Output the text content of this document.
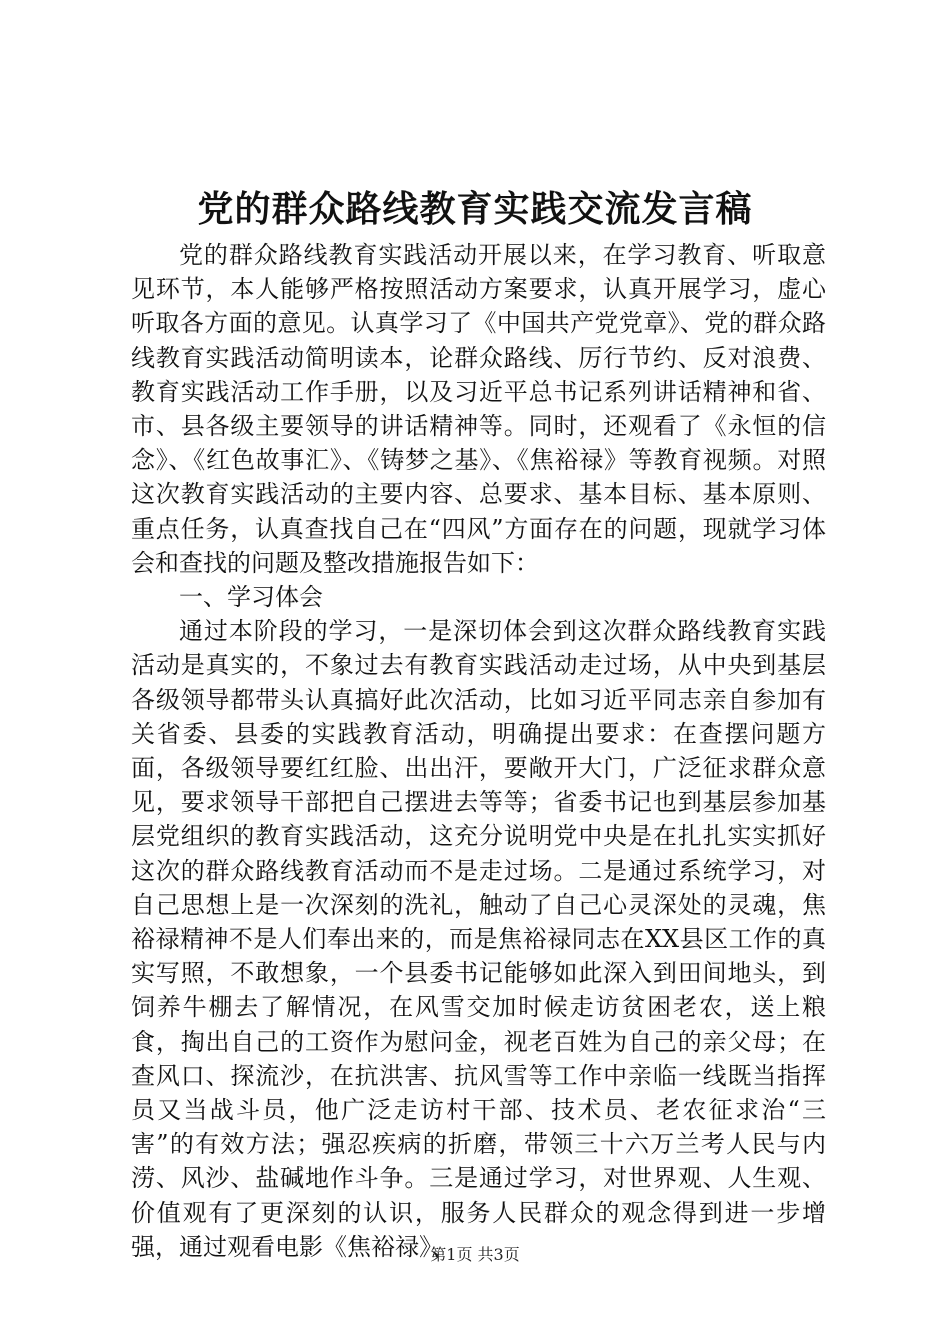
党的群众路线教育实践交流发言稿

党的群众路线教育实践活动开展以来，在学习教育、听取意见环节，本人能够严格按照活动方案要求，认真开展学习，虚心听取各方面的意见。认真学习了《中国共产党党章》、党的群众路线教育实践活动简明读本，论群众路线、厉行节约、反对浪费、教育实践活动工作手册，以及习近平总书记系列讲话精神和省、市、县各级主要领导的讲话精神等。同时，还观看了《永恒的信念》、《红色故事汇》、《铸梦之基》、《焦裕禄》等教育视频。对照这次教育实践活动的主要内容、总要求、基本目标、基本原则、重点任务，认真查找自己在“四风”方面存在的问题，现就学习体会和查找的问题及整改措施报告如下：

一、学习体会

通过本阶段的学习，一是深切体会到这次群众路线教育实践活动是真实的，不象过去有教育实践活动走过场，从中央到基层各级领导都带头认真搞好此次活动，比如习近平同志亲自参加有关省委、县委的实践教育活动，明确提出要求：在查摆问题方面，各级领导要红红脸、出出汗，要敞开大门，广泛征求群众意见，要求领导干部把自己摆进去等等；省委书记也到基层参加基层党组织的教育实践活动，这充分说明党中央是在扎扎实实抓好这次的群众路线教育活动而不是走过场。二是通过系统学习，对自己思想上是一次深刻的洗礼，触动了自己心灵深处的灵魂，焦裕禄精神不是人们奉出来的，而是焦裕禄同志在XX县区工作的真实写照，不敢想象，一个县委书记能够如此深入到田间地头，到饲养牛棚去了解情况，在风雪交加时候走访贫困老农，送上粮食，掏出自己的工资作为慰问金，视老百姓为自己的亲父母；在查风口、探流沙，在抗洪害、抗风雪等工作中亲临一线既当指挥员又当战斗员，他广泛走访村干部、技术员、老农征求治“三害”的有效方法；强忍疾病的折磨，带领三十六万兰考人民与内涝、风沙、盐碱地作斗争。三是通过学习，对世界观、人生观、价值观有了更深刻的认识，服务人民群众的观念得到进一步增强，通过观看电影《焦裕禄》、

第1页 共3页
